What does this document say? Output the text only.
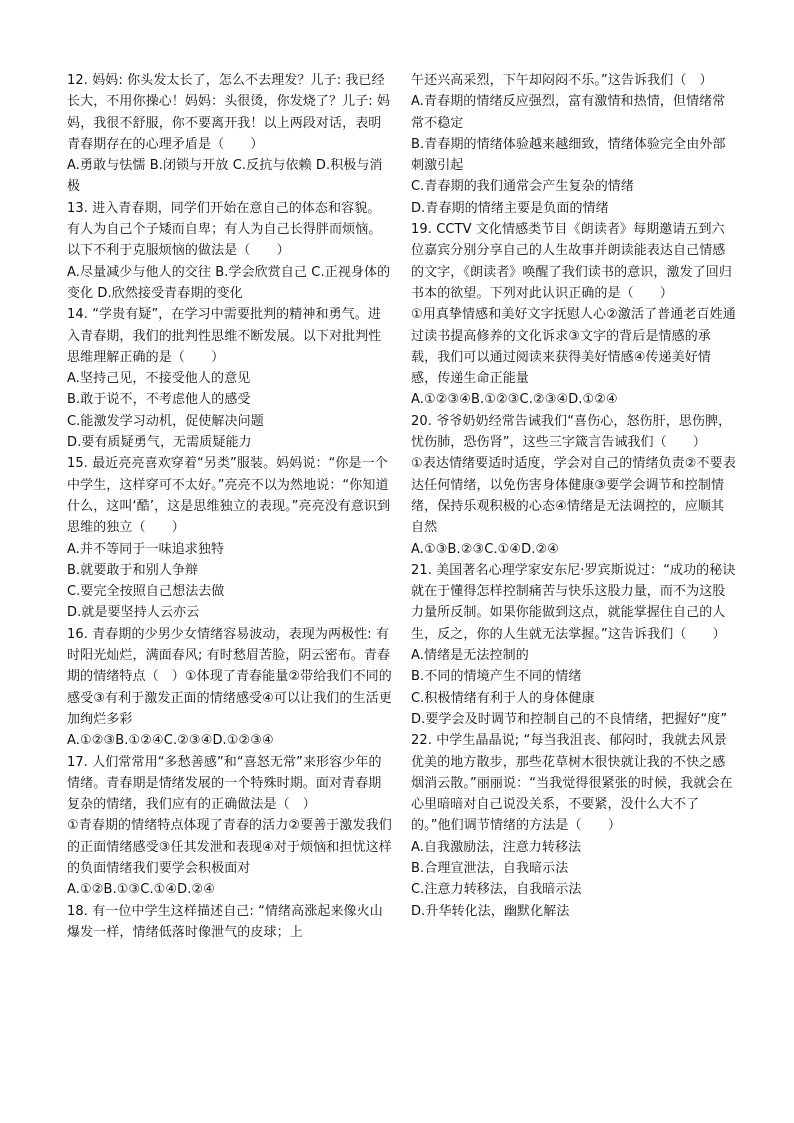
12. 妈妈: 你头发太长了，怎么不去理发？儿子: 我已经长大，不用你操心！妈妈：头很烫，你发烧了？儿子: 妈妈，我很不舒服，你不要离开我！以上两段对话，表明青春期存在的心理矛盾是（　　）

A.勇敢与怯懦 B.闭锁与开放 C.反抗与依赖 D.积极与消极

13. 进入青春期，同学们开始在意自己的体态和容貌。有人为自己个子矮而自卑；有人为自己长得胖而烦恼。以下不利于克服烦恼的做法是（　　）

A.尽量减少与他人的交往 B.学会欣赏自己 C.正视身体的变化 D.欣然接受青春期的变化

14. “学贵有疑”，在学习中需要批判的精神和勇气。进入青春期，我们的批判性思维不断发展。以下对批判性思维理解正确的是（　　）

A.坚持己见，不接受他人的意见

B.敢于说不，不考虑他人的感受

C.能激发学习动机，促使解决问题

D.要有质疑勇气，无需质疑能力

15. 最近亮亮喜欢穿着“另类”服装。妈妈说：“你是一个中学生，这样穿可不太好。”亮亮不以为然地说：“你知道什么，这叫‘酷’，这是思维独立的表现。”亮亮没有意识到思维的独立（　　）

A.并不等同于一味追求独特

B.就要敢于和别人争辩

C.要完全按照自己想法去做

D.就是要坚持人云亦云

16. 青春期的少男少女情绪容易波动，表现为两极性: 有时阳光灿烂，满面春风; 有时愁眉苦脸，阴云密布。青春期的情绪特点（　）①体现了青春能量②带给我们不同的感受③有利于激发正面的情绪感受④可以让我们的生活更加绚烂多彩

A.①②③B.①②④C.②③④D.①②③④

17. 人们常常用“多愁善感”和“喜怒无常”来形容少年的情绪。青春期是情绪发展的一个特殊时期。面对青春期复杂的情绪，我们应有的正确做法是（　）

①青春期的情绪特点体现了青春的活力②要善于激发我们的正面情绪感受③任其发泄和表现④对于烦恼和担忧这样的负面情绪我们要学会积极面对

A.①②B.①③C.①④D.②④

18. 有一位中学生这样描述自己: “情绪高涨起来像火山爆发一样，情绪低落时像泄气的皮球；上

午还兴高采烈，下午却闷闷不乐。”这告诉我们（　）

A.青春期的情绪反应强烈，富有激情和热情，但情绪常常不稳定

B.青春期的情绪体验越来越细致，情绪体验完全由外部刺激引起

C.青春期的我们通常会产生复杂的情绪

D.青春期的情绪主要是负面的情绪

19. CCTV 文化情感类节目《朗读者》每期邀请五到六位嘉宾分别分享自己的人生故事并朗读能表达自己情感的文字，《朗读者》唤醒了我们读书的意识，激发了回归书本的欲望。下列对此认识正确的是（　　）

①用真挚情感和美好文字抚慰人心②激活了普通老百姓通过读书提高修养的文化诉求③文字的背后是情感的承载，我们可以通过阅读来获得美好情感④传递美好情感，传递生命正能量

A.①②③④B.①②③C.②③④D.①②④

20. 爷爷奶奶经常告诫我们“喜伤心，怒伤肝，思伤脾，忧伤肺，恐伤肾”，这些三字箴言告诫我们（　　）

①表达情绪要适时适度，学会对自己的情绪负责②不要表达任何情绪，以免伤害身体健康③要学会调节和控制情绪，保持乐观积极的心态④情绪是无法调控的，应顺其自然

A.①③B.②③C.①④D.②④

21. 美国著名心理学家安东尼·罗宾斯说过：“成功的秘诀就在于懂得怎样控制痛苦与快乐这股力量，而不为这股力量所反制。如果你能做到这点，就能掌握住自己的人生，反之，你的人生就无法掌握。”这告诉我们（　　）

A.情绪是无法控制的

B.不同的情境产生不同的情绪

C.积极情绪有利于人的身体健康

D.要学会及时调节和控制自己的不良情绪，把握好“度”

22. 中学生晶晶说; “每当我沮丧、郁闷时，我就去风景优美的地方散步，那些花草树木很快就让我的不快之感烟消云散。”丽丽说：“当我觉得很紧张的时候，我就会在心里暗暗对自己说没关系，不要紧，没什么大不了的。”他们调节情绪的方法是（　　）

A.自我激励法，注意力转移法

B.合理宣泄法，自我暗示法

C.注意力转移法，自我暗示法

D.升华转化法，幽默化解法
